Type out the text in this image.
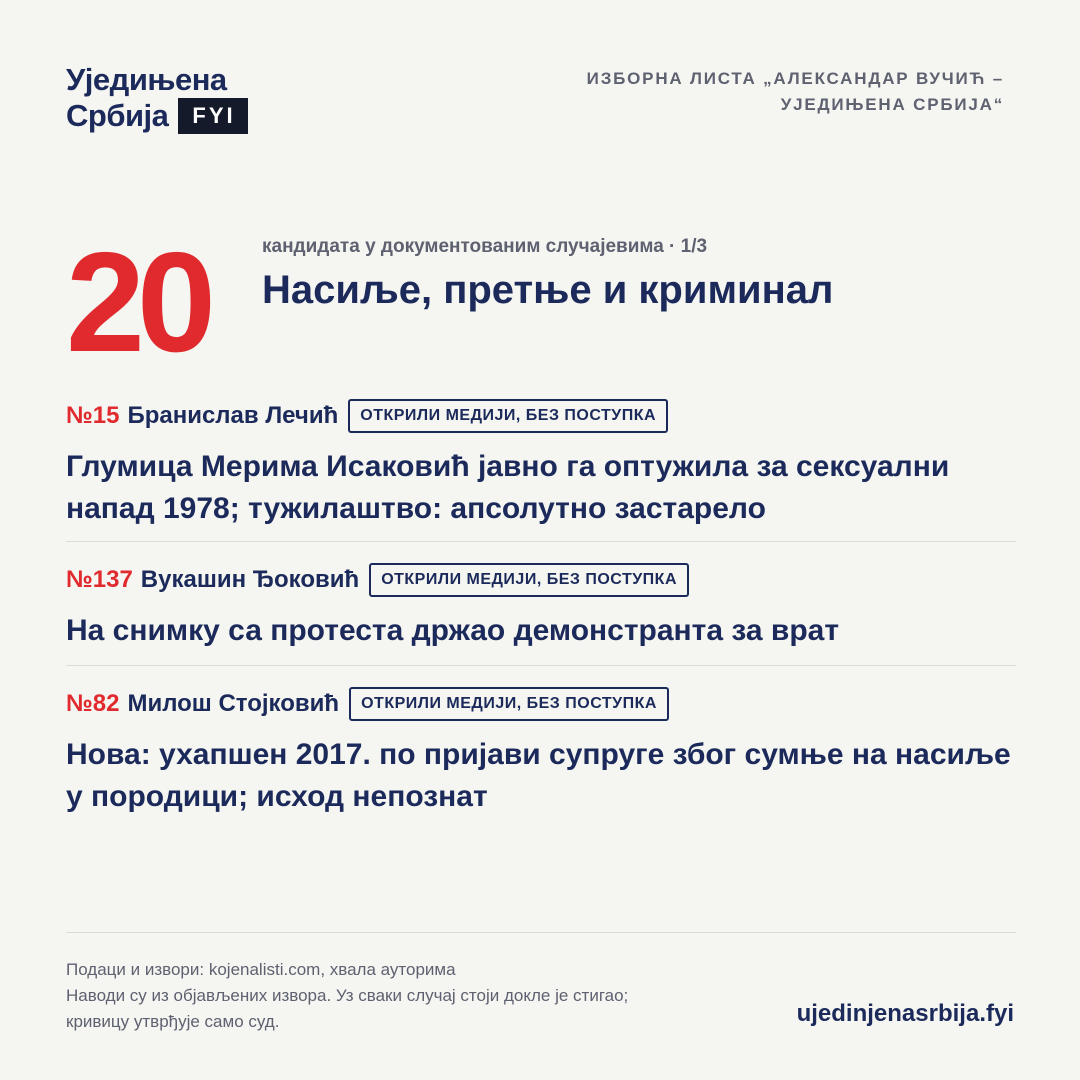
Уједињена
Србија	FYI
ИЗБОРНА ЛИСТА „АЛЕКСАНДАР ВУЧИЋ –
УЈЕДИЊЕНА СРБИЈА“
20	кандидата у документованим случајевима · 1/3
Насиље, претње и криминал
№15 Бранислав Лечић	ОТКРИЛИ МЕДИЈИ, БЕЗ ПОСТУПКА
Глумица Мерима Исаковић јавно га оптужила за сексуални напад 1978; тужилаштво: апсолутно застарело
№137 Вукашин Ђоковић	ОТКРИЛИ МЕДИЈИ, БЕЗ ПОСТУПКА
На снимку са протеста држао демонстранта за врат
№82 Милош Стојковић	ОТКРИЛИ МЕДИЈИ, БЕЗ ПОСТУПКА
Нова: ухапшен 2017. по пријави супруге због сумње на насиље у породици; исход непознат
Подаци и извори: kojenalisti.com, хвала ауторима
Наводи су из објављених извора. Уз сваки случај стоји докле је стигао;
кривицу утврђује само суд.	ujedinjenasrbija.fyi
